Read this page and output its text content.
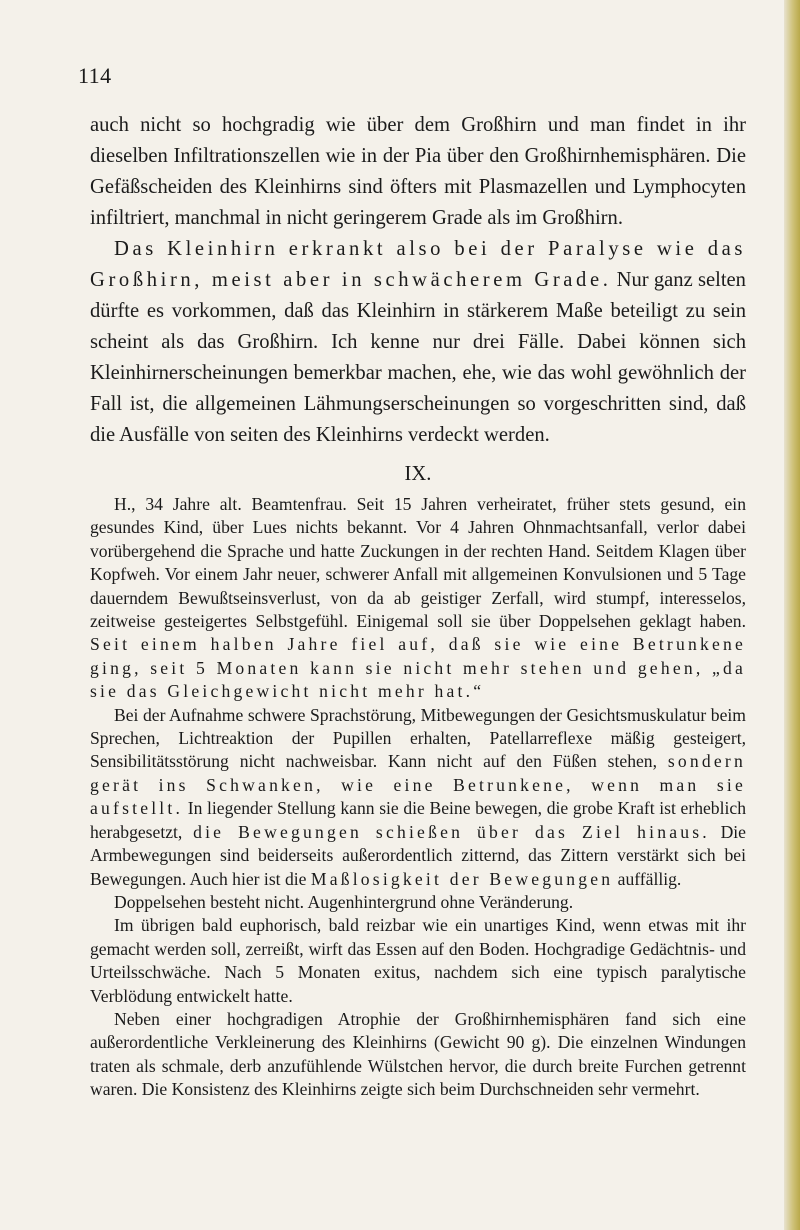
114

auch nicht so hochgradig wie über dem Großhirn und man findet in ihr dieselben Infiltrationszellen wie in der Pia über den Großhirnhemisphären. Die Gefäßscheiden des Kleinhirns sind öfters mit Plasmazellen und Lymphocyten infiltriert, manchmal in nicht geringerem Grade als im Großhirn.

Das Kleinhirn erkrankt also bei der Paralyse wie das Großhirn, meist aber in schwächerem Grade. Nur ganz selten dürfte es vorkommen, daß das Kleinhirn in stärkerem Maße beteiligt zu sein scheint als das Großhirn. Ich kenne nur drei Fälle. Dabei können sich Kleinhirnerscheinungen bemerkbar machen, ehe, wie das wohl gewöhnlich der Fall ist, die allgemeinen Lähmungserscheinungen so vorgeschritten sind, daß die Ausfälle von seiten des Kleinhirns verdeckt werden.

IX.

H., 34 Jahre alt. Beamtenfrau. Seit 15 Jahren verheiratet, früher stets gesund, ein gesundes Kind, über Lues nichts bekannt. Vor 4 Jahren Ohnmachtsanfall, verlor dabei vorübergehend die Sprache und hatte Zuckungen in der rechten Hand. Seitdem Klagen über Kopfweh. Vor einem Jahr neuer, schwerer Anfall mit allgemeinen Konvulsionen und 5 Tage dauerndem Bewußtseinsverlust, von da ab geistiger Zerfall, wird stumpf, interesselos, zeitweise gesteigertes Selbstgefühl. Einigemal soll sie über Doppelsehen geklagt haben. Seit einem halben Jahre fiel auf, daß sie wie eine Betrunkene ging, seit 5 Monaten kann sie nicht mehr stehen und gehen, „da sie das Gleichgewicht nicht mehr hat.“

Bei der Aufnahme schwere Sprachstörung, Mitbewegungen der Gesichtsmuskulatur beim Sprechen, Lichtreaktion der Pupillen erhalten, Patellarreflexe mäßig gesteigert, Sensibilitätsstörung nicht nachweisbar. Kann nicht auf den Füßen stehen, sondern gerät ins Schwanken, wie eine Betrunkene, wenn man sie aufstellt. In liegender Stellung kann sie die Beine bewegen, die grobe Kraft ist erheblich herabgesetzt, die Bewegungen schießen über das Ziel hinaus. Die Armbewegungen sind beiderseits außerordentlich zitternd, das Zittern verstärkt sich bei Bewegungen. Auch hier ist die Maßlosigkeit der Bewegungen auffällig.

Doppelsehen besteht nicht. Augenhintergrund ohne Veränderung.

Im übrigen bald euphorisch, bald reizbar wie ein unartiges Kind, wenn etwas mit ihr gemacht werden soll, zerreißt, wirft das Essen auf den Boden. Hochgradige Gedächtnis- und Urteilsschwäche. Nach 5 Monaten exitus, nachdem sich eine typisch paralytische Verblödung entwickelt hatte.

Neben einer hochgradigen Atrophie der Großhirnhemisphären fand sich eine außerordentliche Verkleinerung des Kleinhirns (Gewicht 90 g). Die einzelnen Windungen traten als schmale, derb anzufühlende Wülstchen hervor, die durch breite Furchen getrennt waren. Die Konsistenz des Kleinhirns zeigte sich beim Durchschneiden sehr vermehrt.
